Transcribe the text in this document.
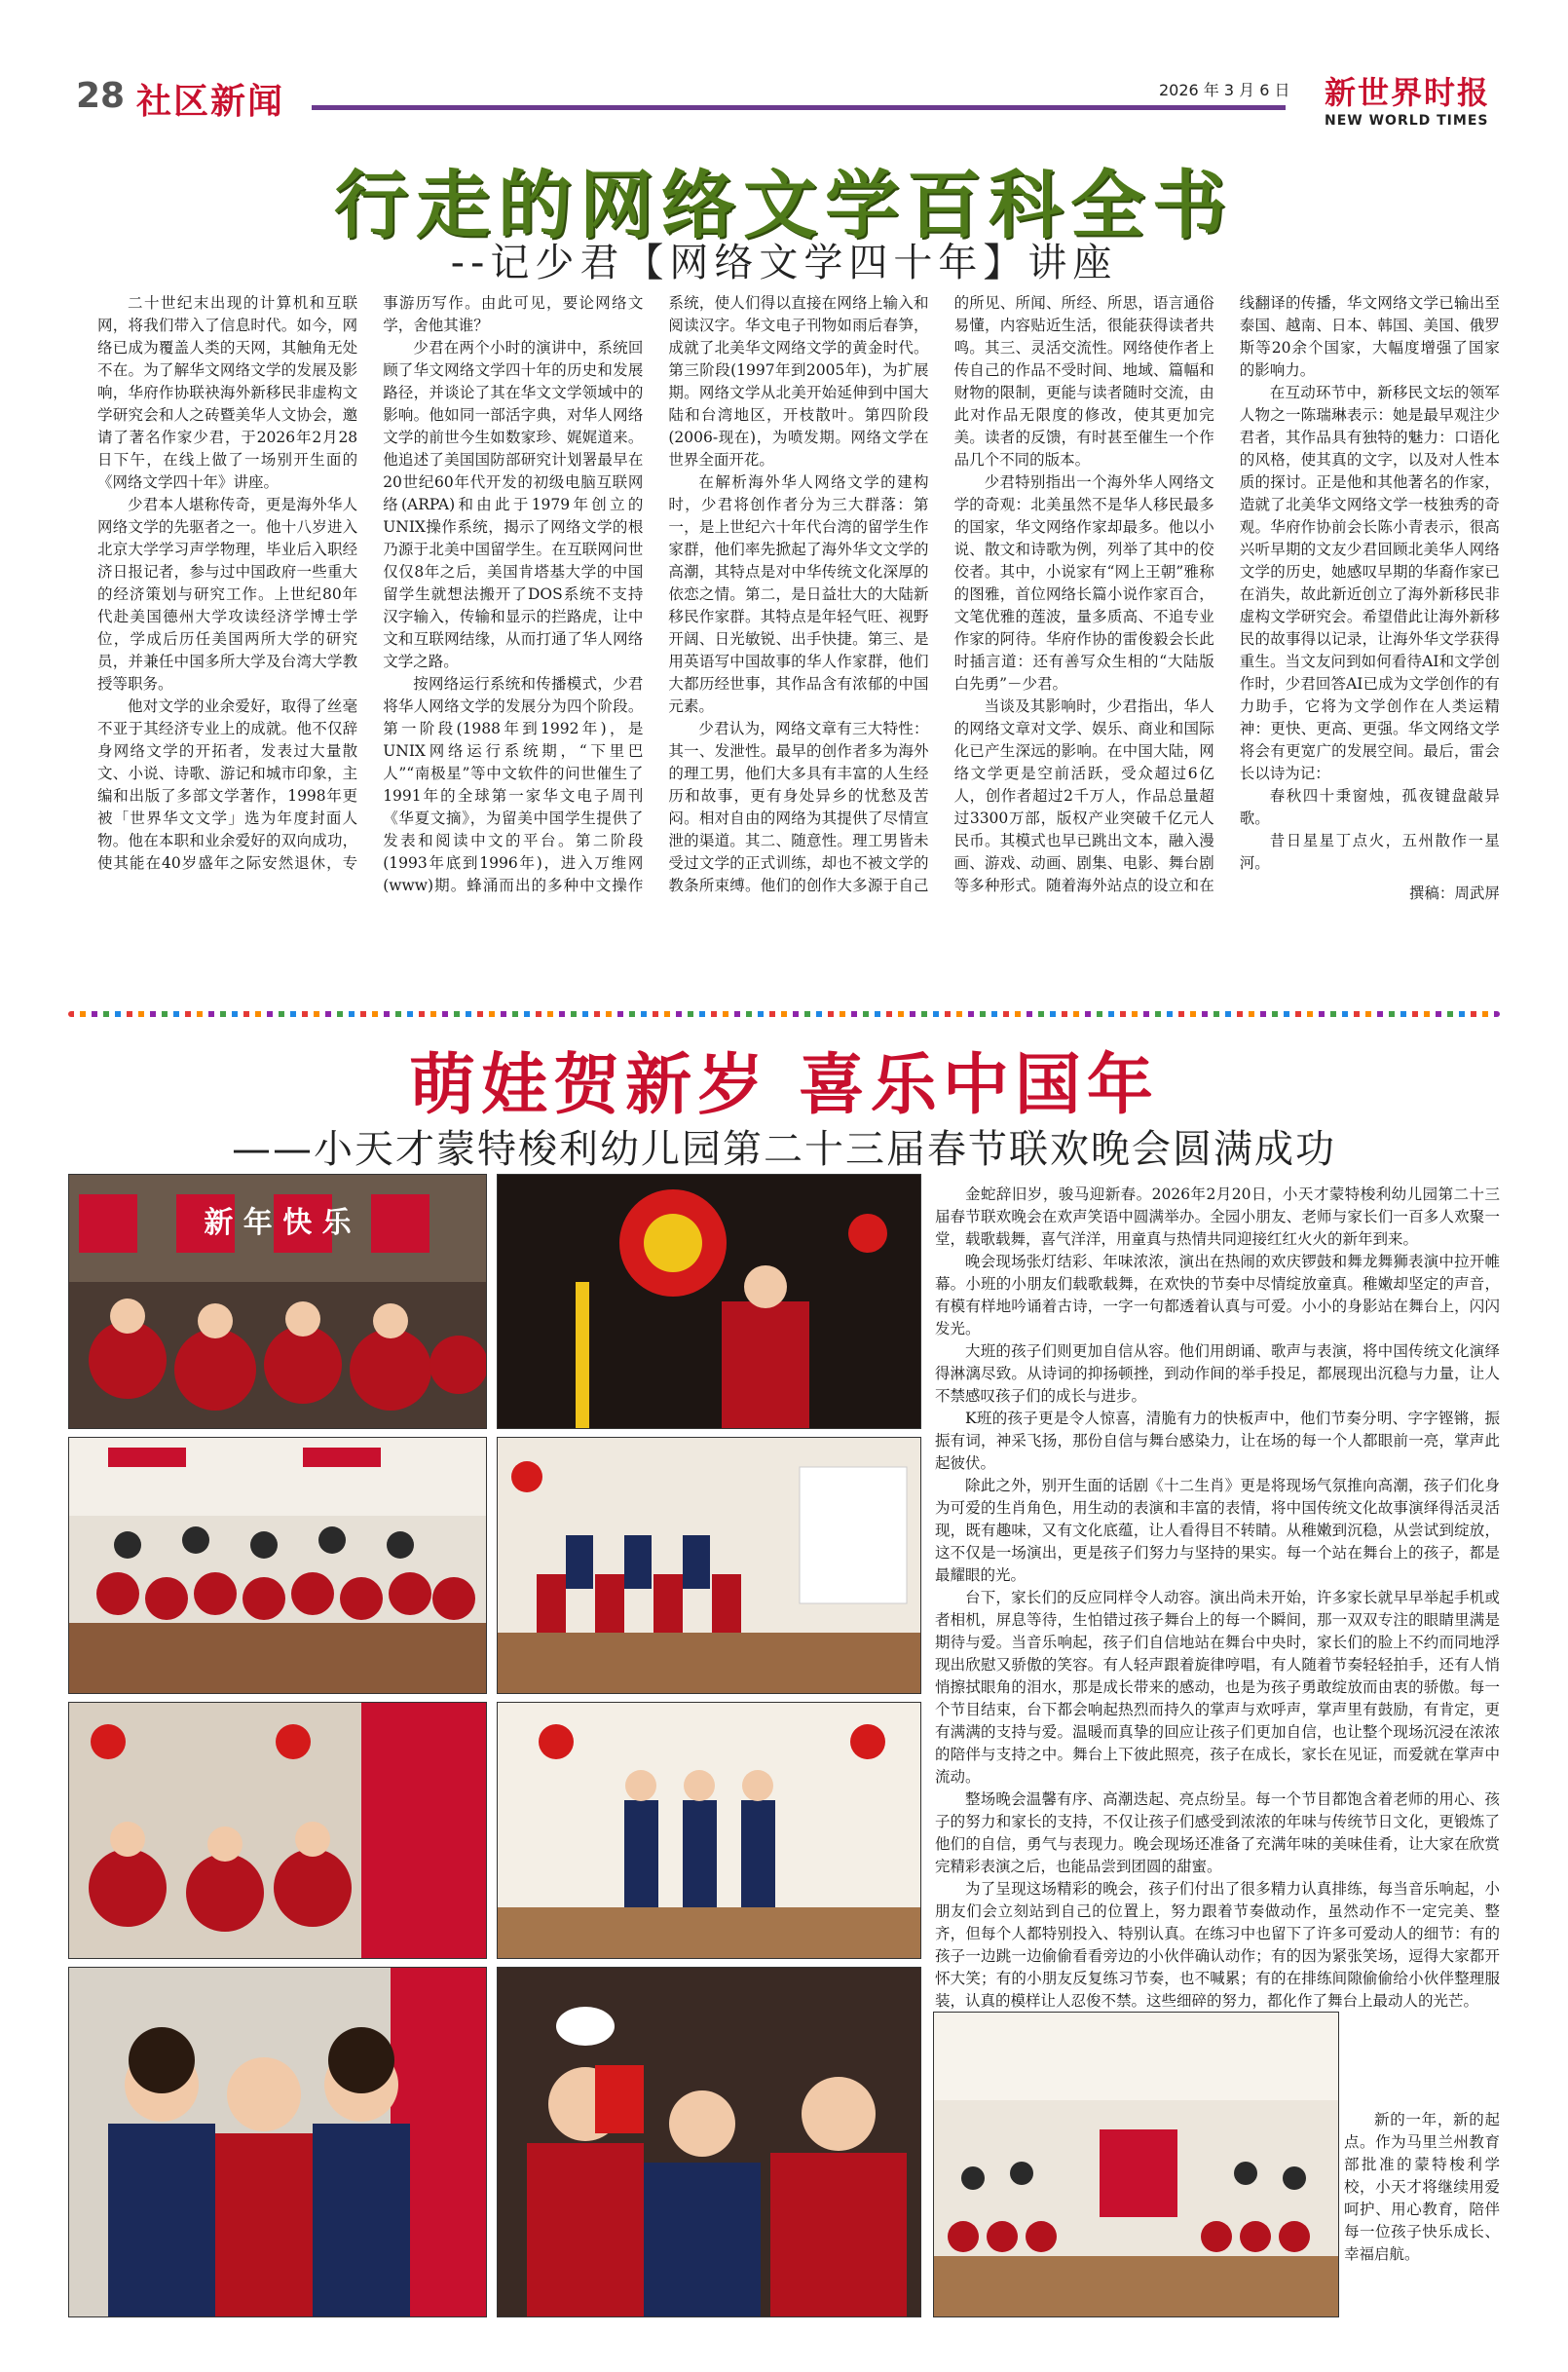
28 社区新闻	2026 年 3 月 6 日 新世界时报
NEW WORLD TIMES
行走的网络文学百科全书
--记少君【网络文学四十年】讲座

二十世纪末出现的计算机和互联网，将我们带入了信息时代。如今，网络已成为覆盖人类的天网，其触角无处不在。为了解华文网络文学的发展及影响，华府作协联袂海外新移民非虚构文学研究会和人之砖暨美华人文协会，邀请了著名作家少君，于2026年2月28日下午，在线上做了一场别开生面的《网络文学四十年》讲座。

少君本人堪称传奇，更是海外华人网络文学的先驱者之一。他十八岁进入北京大学学习声学物理，毕业后入职经济日报记者，参与过中国政府一些重大的经济策划与研究工作。上世纪80年代赴美国德州大学攻读经济学博士学位，学成后历任美国两所大学的研究员，并兼任中国多所大学及台湾大学教授等职务。

他对文学的业余爱好，取得了丝毫不亚于其经济专业上的成就。他不仅辞身网络文学的开拓者，发表过大量散文、小说、诗歌、游记和城市印象，主编和出版了多部文学著作，1998年更被「世界华文文学」选为年度封面人物。他在本职和业余爱好的双向成功，使其能在40岁盛年之际安然退休，专事游历写作。由此可见，要论网络文学，舍他其谁？

少君在两个小时的演讲中，系统回顾了华文网络文学四十年的历史和发展路径，并谈论了其在华文文学领域中的影响。他如同一部活字典，对华人网络文学的前世今生如数家珍、娓娓道来。他追述了美国国防部研究计划署最早在20世纪60年代开发的初级电脑互联网络(ARPA)和由此于1979年创立的UNIX操作系统，揭示了网络文学的根乃源于北美中国留学生。在互联网问世仅仅8年之后，美国肯塔基大学的中国留学生就想法搬开了DOS系统不支持汉字输入，传输和显示的拦路虎，让中文和互联网结缘，从而打通了华人网络文学之路。

按网络运行系统和传播模式，少君将华人网络文学的发展分为四个阶段。第一阶段(1988年到1992年)，是UNIX网络运行系统期，“下里巴人”“南极星”等中文软件的问世催生了1991年的全球第一家华文电子周刊《华夏文摘》，为留美中国学生提供了发表和阅读中文的平台。第二阶段(1993年底到1996年)，进入万维网(www)期。蜂涌而出的多种中文操作系统，使人们得以直接在网络上输入和阅读汉字。华文电子刊物如雨后春笋，成就了北美华文网络文学的黄金时代。第三阶段(1997年到2005年)，为扩展期。网络文学从北美开始延伸到中国大陆和台湾地区，开枝散叶。第四阶段(2006-现在)，为喷发期。网络文学在世界全面开花。

在解析海外华人网络文学的建构时，少君将创作者分为三大群落：第一，是上世纪六十年代台湾的留学生作家群，他们率先掀起了海外华文文学的高潮，其特点是对中华传统文化深厚的依恋之情。第二，是日益壮大的大陆新移民作家群。其特点是年轻气旺、视野开阔、日光敏锐、出手快捷。第三、是用英语写中国故事的华人作家群，他们大都历经世事，其作品含有浓郁的中国元素。

少君认为，网络文章有三大特性：其一、发泄性。最早的创作者多为海外的理工男，他们大多具有丰富的人生经历和故事，更有身处异乡的忧愁及苦闷。相对自由的网络为其提供了尽情宣泄的渠道。其二、随意性。理工男皆未受过文学的正式训练，却也不被文学的教条所束缚。他们的创作大多源于自己的所见、所闻、所经、所思，语言通俗易懂，内容贴近生活，很能获得读者共鸣。其三、灵活交流性。网络使作者上传自己的作品不受时间、地域、篇幅和财物的限制，更能与读者随时交流，由此对作品无限度的修改，使其更加完美。读者的反馈，有时甚至催生一个作品几个不同的版本。

少君特别指出一个海外华人网络文学的奇观：北美虽然不是华人移民最多的国家，华文网络作家却最多。他以小说、散文和诗歌为例，列举了其中的佼佼者。其中，小说家有“网上王朝”雅称的图雅，首位网络长篇小说作家百合，文笔优雅的莲波，量多质高、不追专业作家的阿待。华府作协的雷俊毅会长此时插言道：还有善写众生相的“大陆版白先勇”－少君。

当谈及其影响时，少君指出，华人的网络文章对文学、娱乐、商业和国际化已产生深远的影响。在中国大陆，网络文学更是空前活跃，受众超过6亿人，创作者超过2千万人，作品总量超过3300万部，版权产业突破千亿元人民币。其模式也早已跳出文本，融入漫画、游戏、动画、剧集、电影、舞台剧等多种形式。随着海外站点的设立和在线翻译的传播，华文网络文学已输出至泰国、越南、日本、韩国、美国、俄罗斯等20余个国家，大幅度增强了国家的影响力。

在互动环节中，新移民文坛的领军人物之一陈瑞琳表示：她是最早观注少君者，其作品具有独特的魅力：口语化的风格，使其真的文字，以及对人性本质的探讨。正是他和其他著名的作家，造就了北美华文网络文学一枝独秀的奇观。华府作协前会长陈小青表示，很高兴听早期的文友少君回顾北美华人网络文学的历史，她感叹早期的华裔作家已在消失，故此新近创立了海外新移民非虚构文学研究会。希望借此让海外新移民的故事得以记录，让海外华文学获得重生。当文友问到如何看待AI和文学创作时，少君回答AI已成为文学创作的有力助手，它将为文学创作在人类运精神：更快、更高、更强。华文网络文学将会有更宽广的发展空间。最后，雷会长以诗为记：

春秋四十秉窗烛，孤夜键盘敲异歌。

昔日星星丁点火，五州散作一星河。

撰稿：周武屏

萌娃贺新岁 喜乐中国年
——小天才蒙特梭利幼儿园第二十三届春节联欢晚会圆满成功
新 年 快 乐

金蛇辞旧岁，骏马迎新春。2026年2月20日，小天才蒙特梭利幼儿园第二十三届春节联欢晚会在欢声笑语中圆满举办。全园小朋友、老师与家长们一百多人欢聚一堂，载歌载舞，喜气洋洋，用童真与热情共同迎接红红火火的新年到来。

晚会现场张灯结彩、年味浓浓，演出在热闹的欢庆锣鼓和舞龙舞狮表演中拉开帷幕。小班的小朋友们载歌载舞，在欢快的节奏中尽情绽放童真。稚嫩却坚定的声音，有模有样地吟诵着古诗，一字一句都透着认真与可爱。小小的身影站在舞台上，闪闪发光。

大班的孩子们则更加自信从容。他们用朗诵、歌声与表演，将中国传统文化演绎得淋漓尽致。从诗词的抑扬顿挫，到动作间的举手投足，都展现出沉稳与力量，让人不禁感叹孩子们的成长与进步。

K班的孩子更是令人惊喜，清脆有力的快板声中，他们节奏分明、字字铿锵，振振有词，神采飞扬，那份自信与舞台感染力，让在场的每一个人都眼前一亮，掌声此起彼伏。

除此之外，别开生面的话剧《十二生肖》更是将现场气氛推向高潮，孩子们化身为可爱的生肖角色，用生动的表演和丰富的表情，将中国传统文化故事演绎得活灵活现，既有趣味，又有文化底蕴，让人看得目不转睛。从稚嫩到沉稳，从尝试到绽放，这不仅是一场演出，更是孩子们努力与坚持的果实。每一个站在舞台上的孩子，都是最耀眼的光。

台下，家长们的反应同样令人动容。演出尚未开始，许多家长就早早举起手机或者相机，屏息等待，生怕错过孩子舞台上的每一个瞬间，那一双双专注的眼睛里满是期待与爱。当音乐响起，孩子们自信地站在舞台中央时，家长们的脸上不约而同地浮现出欣慰又骄傲的笑容。有人轻声跟着旋律哼唱，有人随着节奏轻轻拍手，还有人悄悄擦拭眼角的泪水，那是成长带来的感动，也是为孩子勇敢绽放而由衷的骄傲。每一个节目结束，台下都会响起热烈而持久的掌声与欢呼声，掌声里有鼓励，有肯定，更有满满的支持与爱。温暖而真挚的回应让孩子们更加自信，也让整个现场沉浸在浓浓的陪伴与支持之中。舞台上下彼此照亮，孩子在成长，家长在见证，而爱就在掌声中流动。

整场晚会温馨有序、高潮迭起、亮点纷呈。每一个节目都饱含着老师的用心、孩子的努力和家长的支持，不仅让孩子们感受到浓浓的年味与传统节日文化，更锻炼了他们的自信，勇气与表现力。晚会现场还准备了充满年味的美味佳肴，让大家在欣赏完精彩表演之后，也能品尝到团圆的甜蜜。

为了呈现这场精彩的晚会，孩子们付出了很多精力认真排练，每当音乐响起，小朋友们会立刻站到自己的位置上，努力跟着节奏做动作，虽然动作不一定完美、整齐，但每个人都特别投入、特别认真。在练习中也留下了许多可爱动人的细节：有的孩子一边跳一边偷偷看看旁边的小伙伴确认动作；有的因为紧张笑场，逗得大家都开怀大笑；有的小朋友反复练习节奏，也不喊累；有的在排练间隙偷偷给小伙伴整理服装，认真的模样让人忍俊不禁。这些细碎的努力，都化作了舞台上最动人的光芒。

新的一年，新的起点。作为马里兰州教育部批准的蒙特梭利学校，小天才将继续用爱呵护、用心教育，陪伴每一位孩子快乐成长、幸福启航。
